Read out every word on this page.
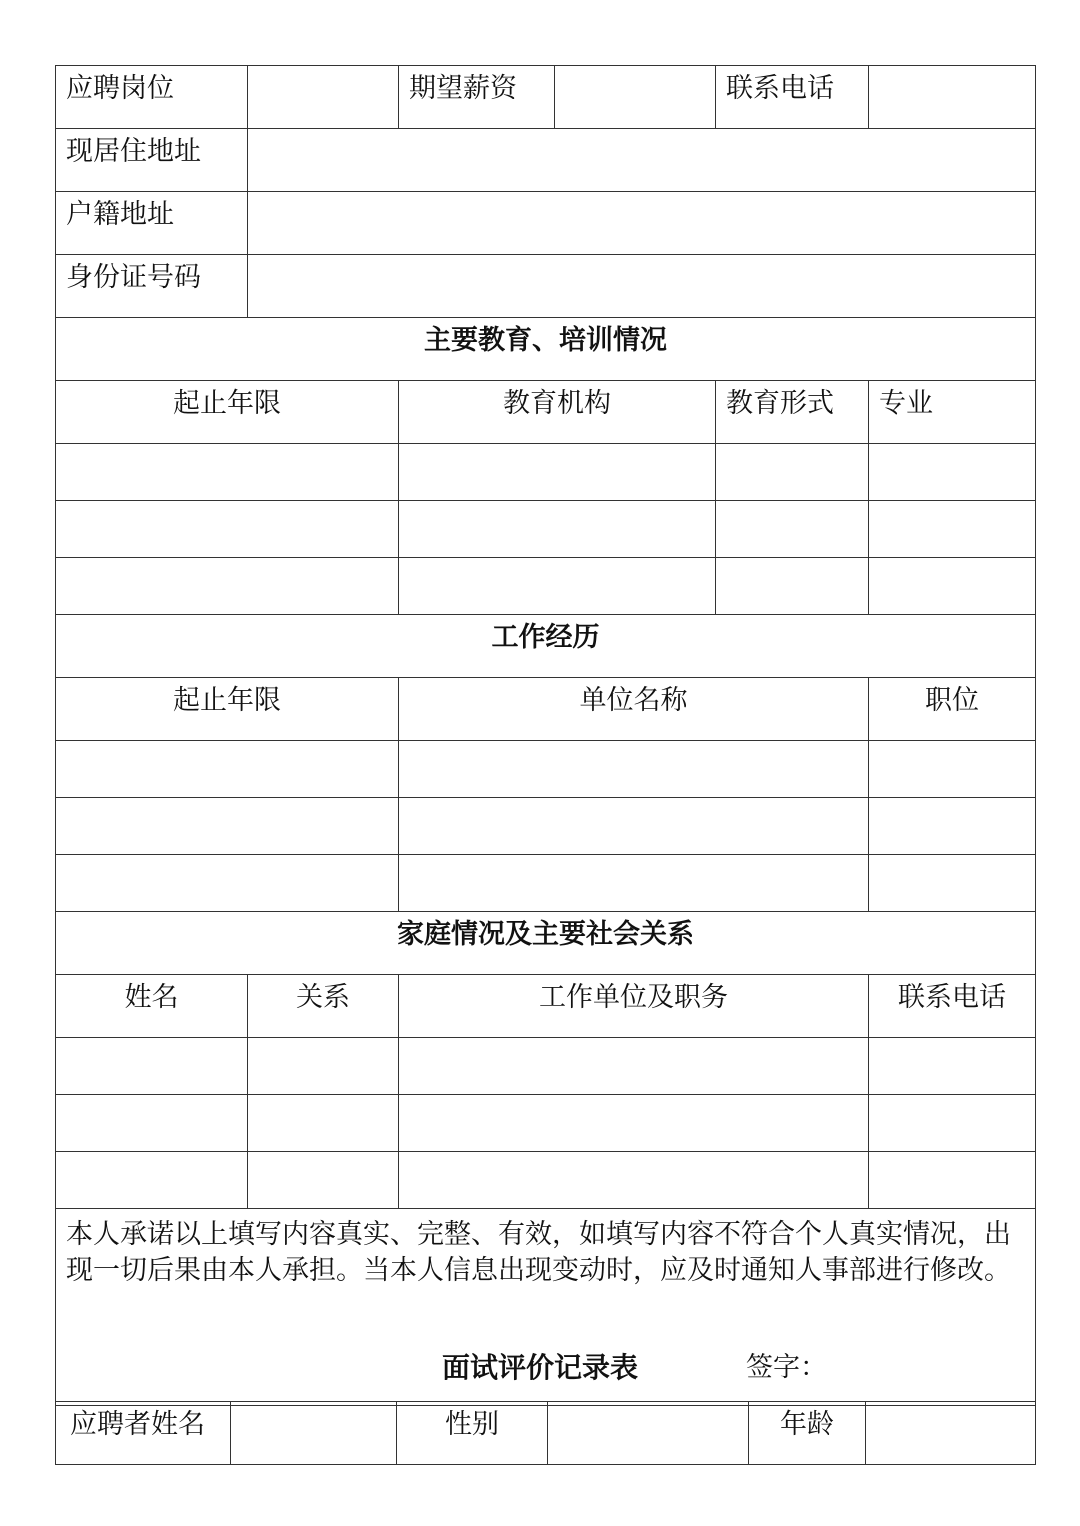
应聘岗位		期望薪资		联系电话	
现居住地址					
户籍地址					
身份证号码					
主要教育、培训情况					
起止年限		教育机构		教育形式	专业

工作经历					
起止年限		单位名称			职位

家庭情况及主要社会关系					
姓名	关系	工作单位及职务			联系电话

本人承诺以上填写内容真实、完整、有效，如填写内容不符合个人真实情况，出现一切后果由本人承担。当本人信息出现变动时，应及时通知人事部进行修改。
签字：					
面试评价记录表
应聘者姓名		性别		年龄	
